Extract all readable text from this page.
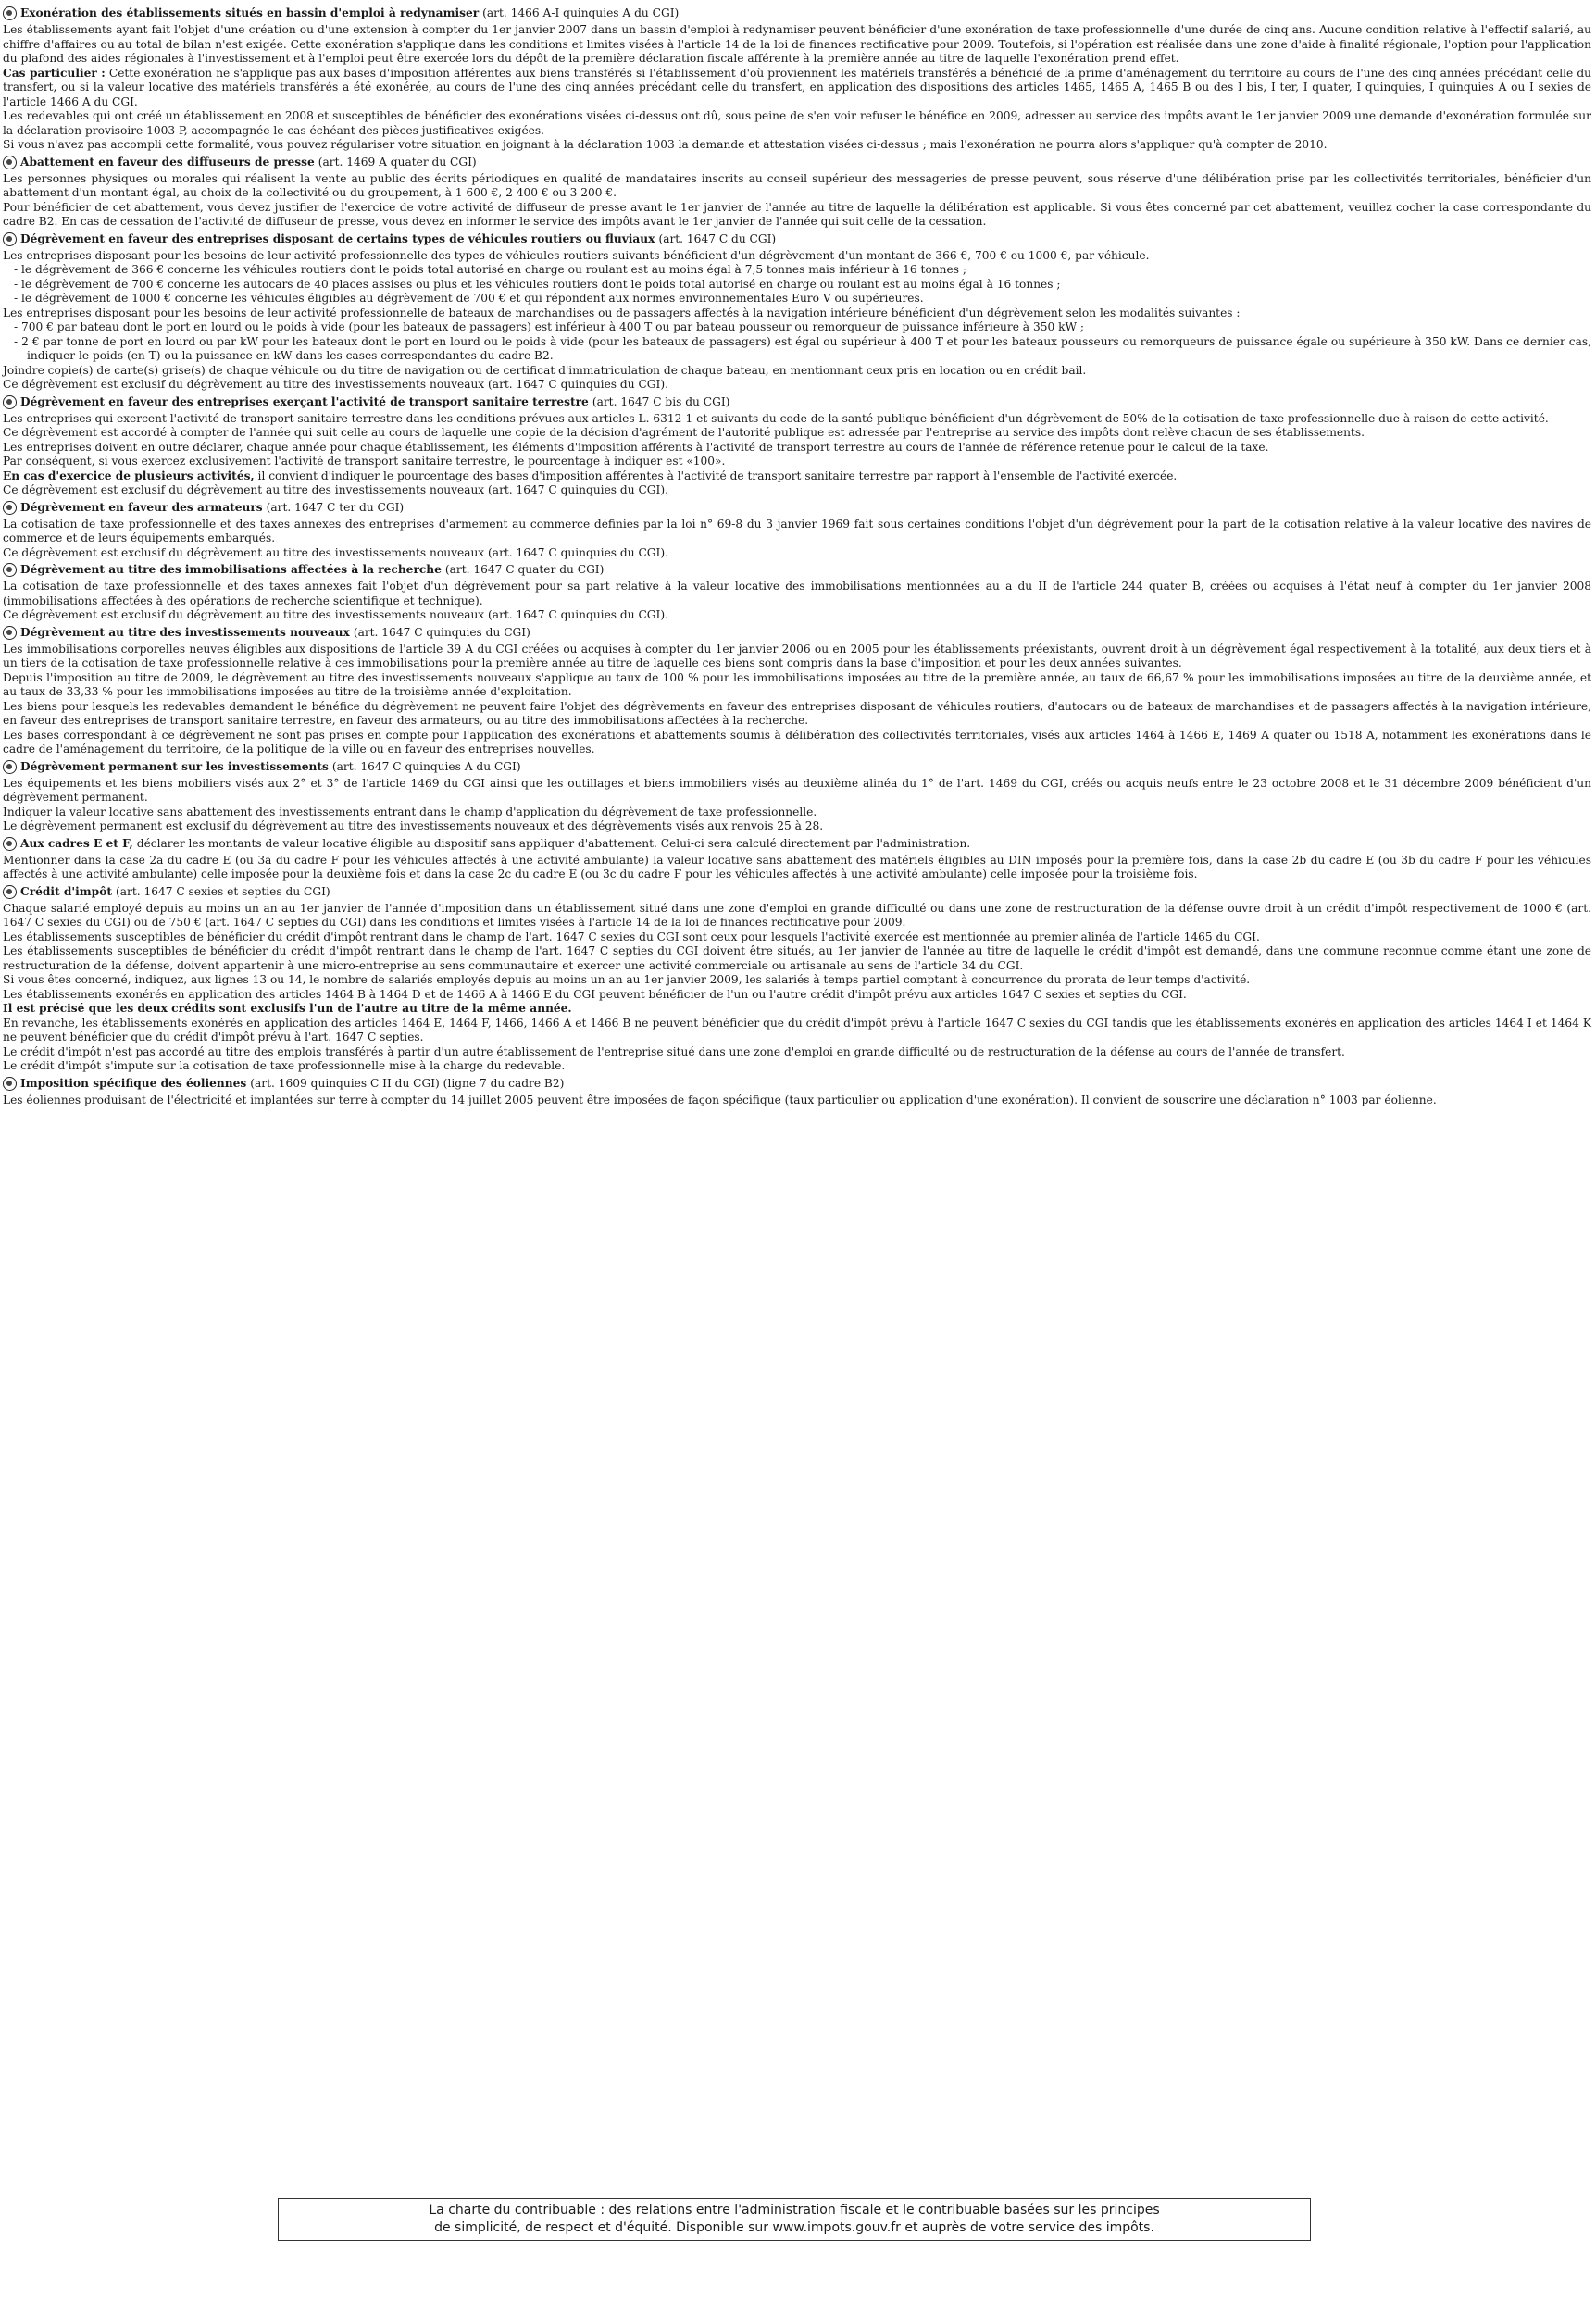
Exonération des établissements situés en bassin d'emploi à redynamiser (art. 1466 A-I quinquies A du CGI)

Les établissements ayant fait l'objet d'une création ou d'une extension à compter du 1er janvier 2007 dans un bassin d'emploi à redynamiser peuvent bénéficier d'une exonération de taxe professionnelle d'une durée de cinq ans. Aucune condition relative à l'effectif salarié, au chiffre d'affaires ou au total de bilan n'est exigée. Cette exonération s'applique dans les conditions et limites visées à l'article 14 de la loi de finances rectificative pour 2009. Toutefois, si l'opération est réalisée dans une zone d'aide à finalité régionale, l'option pour l'application du plafond des aides régionales à l'investissement et à l'emploi peut être exercée lors du dépôt de la première déclaration fiscale afférente à la première année au titre de laquelle l'exonération prend effet.

Cas particulier : Cette exonération ne s'applique pas aux bases d'imposition afférentes aux biens transférés si l'établissement d'où proviennent les matériels transférés a bénéficié de la prime d'aménagement du territoire au cours de l'une des cinq années précédant celle du transfert, ou si la valeur locative des matériels transférés a été exonérée, au cours de l'une des cinq années précédant celle du transfert, en application des dispositions des articles 1465, 1465 A, 1465 B ou des I bis, I ter, I quater, I quinquies, I quinquies A ou I sexies de l'article 1466 A du CGI.

Les redevables qui ont créé un établissement en 2008 et susceptibles de bénéficier des exonérations visées ci-dessus ont dû, sous peine de s'en voir refuser le bénéfice en 2009, adresser au service des impôts avant le 1er janvier 2009 une demande d'exonération formulée sur la déclaration provisoire 1003 P, accompagnée le cas échéant des pièces justificatives exigées.

Si vous n'avez pas accompli cette formalité, vous pouvez régulariser votre situation en joignant à la déclaration 1003 la demande et attestation visées ci-dessus ; mais l'exonération ne pourra alors s'appliquer qu'à compter de 2010.

Abattement en faveur des diffuseurs de presse (art. 1469 A quater du CGI)

Les personnes physiques ou morales qui réalisent la vente au public des écrits périodiques en qualité de mandataires inscrits au conseil supérieur des messageries de presse peuvent, sous réserve d'une délibération prise par les collectivités territoriales, bénéficier d'un abattement d'un montant égal, au choix de la collectivité ou du groupement, à 1 600 €, 2 400 € ou 3 200 €.

Pour bénéficier de cet abattement, vous devez justifier de l'exercice de votre activité de diffuseur de presse avant le 1er janvier de l'année au titre de laquelle la délibération est applicable. Si vous êtes concerné par cet abattement, veuillez cocher la case correspondante du cadre B2. En cas de cessation de l'activité de diffuseur de presse, vous devez en informer le service des impôts avant le 1er janvier de l'année qui suit celle de la cessation.

Dégrèvement en faveur des entreprises disposant de certains types de véhicules routiers ou fluviaux (art. 1647 C du CGI)

Les entreprises disposant pour les besoins de leur activité professionnelle des types de véhicules routiers suivants bénéficient d'un dégrèvement d'un montant de 366 €, 700 € ou 1000 €, par véhicule.

- le dégrèvement de 366 € concerne les véhicules routiers dont le poids total autorisé en charge ou roulant est au moins égal à 7,5 tonnes mais inférieur à 16 tonnes ;

- le dégrèvement de 700 € concerne les autocars de 40 places assises ou plus et les véhicules routiers dont le poids total autorisé en charge ou roulant est au moins égal à 16 tonnes ;

- le dégrèvement de 1000 € concerne les véhicules éligibles au dégrèvement de 700 € et qui répondent aux normes environnementales Euro V ou supérieures.

Les entreprises disposant pour les besoins de leur activité professionnelle de bateaux de marchandises ou de passagers affectés à la navigation intérieure bénéficient d'un dégrèvement selon les modalités suivantes :

- 700 € par bateau dont le port en lourd ou le poids à vide (pour les bateaux de passagers) est inférieur à 400 T ou par bateau pousseur ou remorqueur de puissance inférieure à 350 kW ;

- 2 € par tonne de port en lourd ou par kW pour les bateaux dont le port en lourd ou le poids à vide (pour les bateaux de passagers) est égal ou supérieur à 400 T et pour les bateaux pousseurs ou remorqueurs de puissance égale ou supérieure à 350 kW. Dans ce dernier cas, indiquer le poids (en T) ou la puissance en kW dans les cases correspondantes du cadre B2.

Joindre copie(s) de carte(s) grise(s) de chaque véhicule ou du titre de navigation ou de certificat d'immatriculation de chaque bateau, en mentionnant ceux pris en location ou en crédit bail.

Ce dégrèvement est exclusif du dégrèvement au titre des investissements nouveaux (art. 1647 C quinquies du CGI).

Dégrèvement en faveur des entreprises exerçant l'activité de transport sanitaire terrestre (art. 1647 C bis du CGI)

Les entreprises qui exercent l'activité de transport sanitaire terrestre dans les conditions prévues aux articles L. 6312-1 et suivants du code de la santé publique bénéficient d'un dégrèvement de 50% de la cotisation de taxe professionnelle due à raison de cette activité.

Ce dégrèvement est accordé à compter de l'année qui suit celle au cours de laquelle une copie de la décision d'agrément de l'autorité publique est adressée par l'entreprise au service des impôts dont relève chacun de ses établissements.

Les entreprises doivent en outre déclarer, chaque année pour chaque établissement, les éléments d'imposition afférents à l'activité de transport terrestre au cours de l'année de référence retenue pour le calcul de la taxe.

Par conséquent, si vous exercez exclusivement l'activité de transport sanitaire terrestre, le pourcentage à indiquer est «100».

En cas d'exercice de plusieurs activités, il convient d'indiquer le pourcentage des bases d'imposition afférentes à l'activité de transport sanitaire terrestre par rapport à l'ensemble de l'activité exercée.

Ce dégrèvement est exclusif du dégrèvement au titre des investissements nouveaux (art. 1647 C quinquies du CGI).

Dégrèvement en faveur des armateurs (art. 1647 C ter du CGI)

La cotisation de taxe professionnelle et des taxes annexes des entreprises d'armement au commerce définies par la loi n° 69-8 du 3 janvier 1969 fait sous certaines conditions l'objet d'un dégrèvement pour la part de la cotisation relative à la valeur locative des navires de commerce et de leurs équipements embarqués.

Ce dégrèvement est exclusif du dégrèvement au titre des investissements nouveaux (art. 1647 C quinquies du CGI).

Dégrèvement au titre des immobilisations affectées à la recherche (art. 1647 C quater du CGI)

La cotisation de taxe professionnelle et des taxes annexes fait l'objet d'un dégrèvement pour sa part relative à la valeur locative des immobilisations mentionnées au a du II de l'article 244 quater B, créées ou acquises à l'état neuf à compter du 1er janvier 2008 (immobilisations affectées à des opérations de recherche scientifique et technique).

Ce dégrèvement est exclusif du dégrèvement au titre des investissements nouveaux (art. 1647 C quinquies du CGI).

Dégrèvement au titre des investissements nouveaux (art. 1647 C quinquies du CGI)

Les immobilisations corporelles neuves éligibles aux dispositions de l'article 39 A du CGI créées ou acquises à compter du 1er janvier 2006 ou en 2005 pour les établissements préexistants, ouvrent droit à un dégrèvement égal respectivement à la totalité, aux deux tiers et à un tiers de la cotisation de taxe professionnelle relative à ces immobilisations pour la première année au titre de laquelle ces biens sont compris dans la base d'imposition et pour les deux années suivantes.

Depuis l'imposition au titre de 2009, le dégrèvement au titre des investissements nouveaux s'applique au taux de 100 % pour les immobilisations imposées au titre de la première année, au taux de 66,67 % pour les immobilisations imposées au titre de la deuxième année, et au taux de 33,33 % pour les immobilisations imposées au titre de la troisième année d'exploitation.

Les biens pour lesquels les redevables demandent le bénéfice du dégrèvement ne peuvent faire l'objet des dégrèvements en faveur des entreprises disposant de véhicules routiers, d'autocars ou de bateaux de marchandises et de passagers affectés à la navigation intérieure, en faveur des entreprises de transport sanitaire terrestre, en faveur des armateurs, ou au titre des immobilisations affectées à la recherche.

Les bases correspondant à ce dégrèvement ne sont pas prises en compte pour l'application des exonérations et abattements soumis à délibération des collectivités territoriales, visés aux articles 1464 à 1466 E, 1469 A quater ou 1518 A, notamment les exonérations dans le cadre de l'aménagement du territoire, de la politique de la ville ou en faveur des entreprises nouvelles.

Dégrèvement permanent sur les investissements (art. 1647 C quinquies A du CGI)

Les équipements et les biens mobiliers visés aux 2° et 3° de l'article 1469 du CGI ainsi que les outillages et biens immobiliers visés au deuxième alinéa du 1° de l'art. 1469 du CGI, créés ou acquis neufs entre le 23 octobre 2008 et le 31 décembre 2009 bénéficient d'un dégrèvement permanent.

Indiquer la valeur locative sans abattement des investissements entrant dans le champ d'application du dégrèvement de taxe professionnelle.

Le dégrèvement permanent est exclusif du dégrèvement au titre des investissements nouveaux et des dégrèvements visés aux renvois 25 à 28.

Aux cadres E et F, déclarer les montants de valeur locative éligible au dispositif sans appliquer d'abattement. Celui-ci sera calculé directement par l'administration.

Mentionner dans la case 2a du cadre E (ou 3a du cadre F pour les véhicules affectés à une activité ambulante) la valeur locative sans abattement des matériels éligibles au DIN imposés pour la première fois, dans la case 2b du cadre E (ou 3b du cadre F pour les véhicules affectés à une activité ambulante) celle imposée pour la deuxième fois et dans la case 2c du cadre E (ou 3c du cadre F pour les véhicules affectés à une activité ambulante) celle imposée pour la troisième fois.

Crédit d'impôt (art. 1647 C sexies et septies du CGI)

Chaque salarié employé depuis au moins un an au 1er janvier de l'année d'imposition dans un établissement situé dans une zone d'emploi en grande difficulté ou dans une zone de restructuration de la défense ouvre droit à un crédit d'impôt respectivement de 1000 € (art. 1647 C sexies du CGI) ou de 750 € (art. 1647 C septies du CGI) dans les conditions et limites visées à l'article 14 de la loi de finances rectificative pour 2009.

Les établissements susceptibles de bénéficier du crédit d'impôt rentrant dans le champ de l'art. 1647 C sexies du CGI sont ceux pour lesquels l'activité exercée est mentionnée au premier alinéa de l'article 1465 du CGI.

Les établissements susceptibles de bénéficier du crédit d'impôt rentrant dans le champ de l'art. 1647 C septies du CGI doivent être situés, au 1er janvier de l'année au titre de laquelle le crédit d'impôt est demandé, dans une commune reconnue comme étant une zone de restructuration de la défense, doivent appartenir à une micro-entreprise au sens communautaire et exercer une activité commerciale ou artisanale au sens de l'article 34 du CGI.

Si vous êtes concerné, indiquez, aux lignes 13 ou 14, le nombre de salariés employés depuis au moins un an au 1er janvier 2009, les salariés à temps partiel comptant à concurrence du prorata de leur temps d'activité.

Les établissements exonérés en application des articles 1464 B à 1464 D et de 1466 A à 1466 E du CGI peuvent bénéficier de l'un ou l'autre crédit d'impôt prévu aux articles 1647 C sexies et septies du CGI.

Il est précisé que les deux crédits sont exclusifs l'un de l'autre au titre de la même année.

En revanche, les établissements exonérés en application des articles 1464 E, 1464 F, 1466, 1466 A et 1466 B ne peuvent bénéficier que du crédit d'impôt prévu à l'article 1647 C sexies du CGI tandis que les établissements exonérés en application des articles 1464 I et 1464 K ne peuvent bénéficier que du crédit d'impôt prévu à l'art. 1647 C septies.

Le crédit d'impôt n'est pas accordé au titre des emplois transférés à partir d'un autre établissement de l'entreprise situé dans une zone d'emploi en grande difficulté ou de restructuration de la défense au cours de l'année de transfert.

Le crédit d'impôt s'impute sur la cotisation de taxe professionnelle mise à la charge du redevable.

Imposition spécifique des éoliennes (art. 1609 quinquies C II du CGI) (ligne 7 du cadre B2)

Les éoliennes produisant de l'électricité et implantées sur terre à compter du 14 juillet 2005 peuvent être imposées de façon spécifique (taux particulier ou application d'une exonération). Il convient de souscrire une déclaration n° 1003 par éolienne.

La charte du contribuable : des relations entre l'administration fiscale et le contribuable basées sur les principes
de simplicité, de respect et d'équité. Disponible sur www.impots.gouv.fr et auprès de votre service des impôts.
